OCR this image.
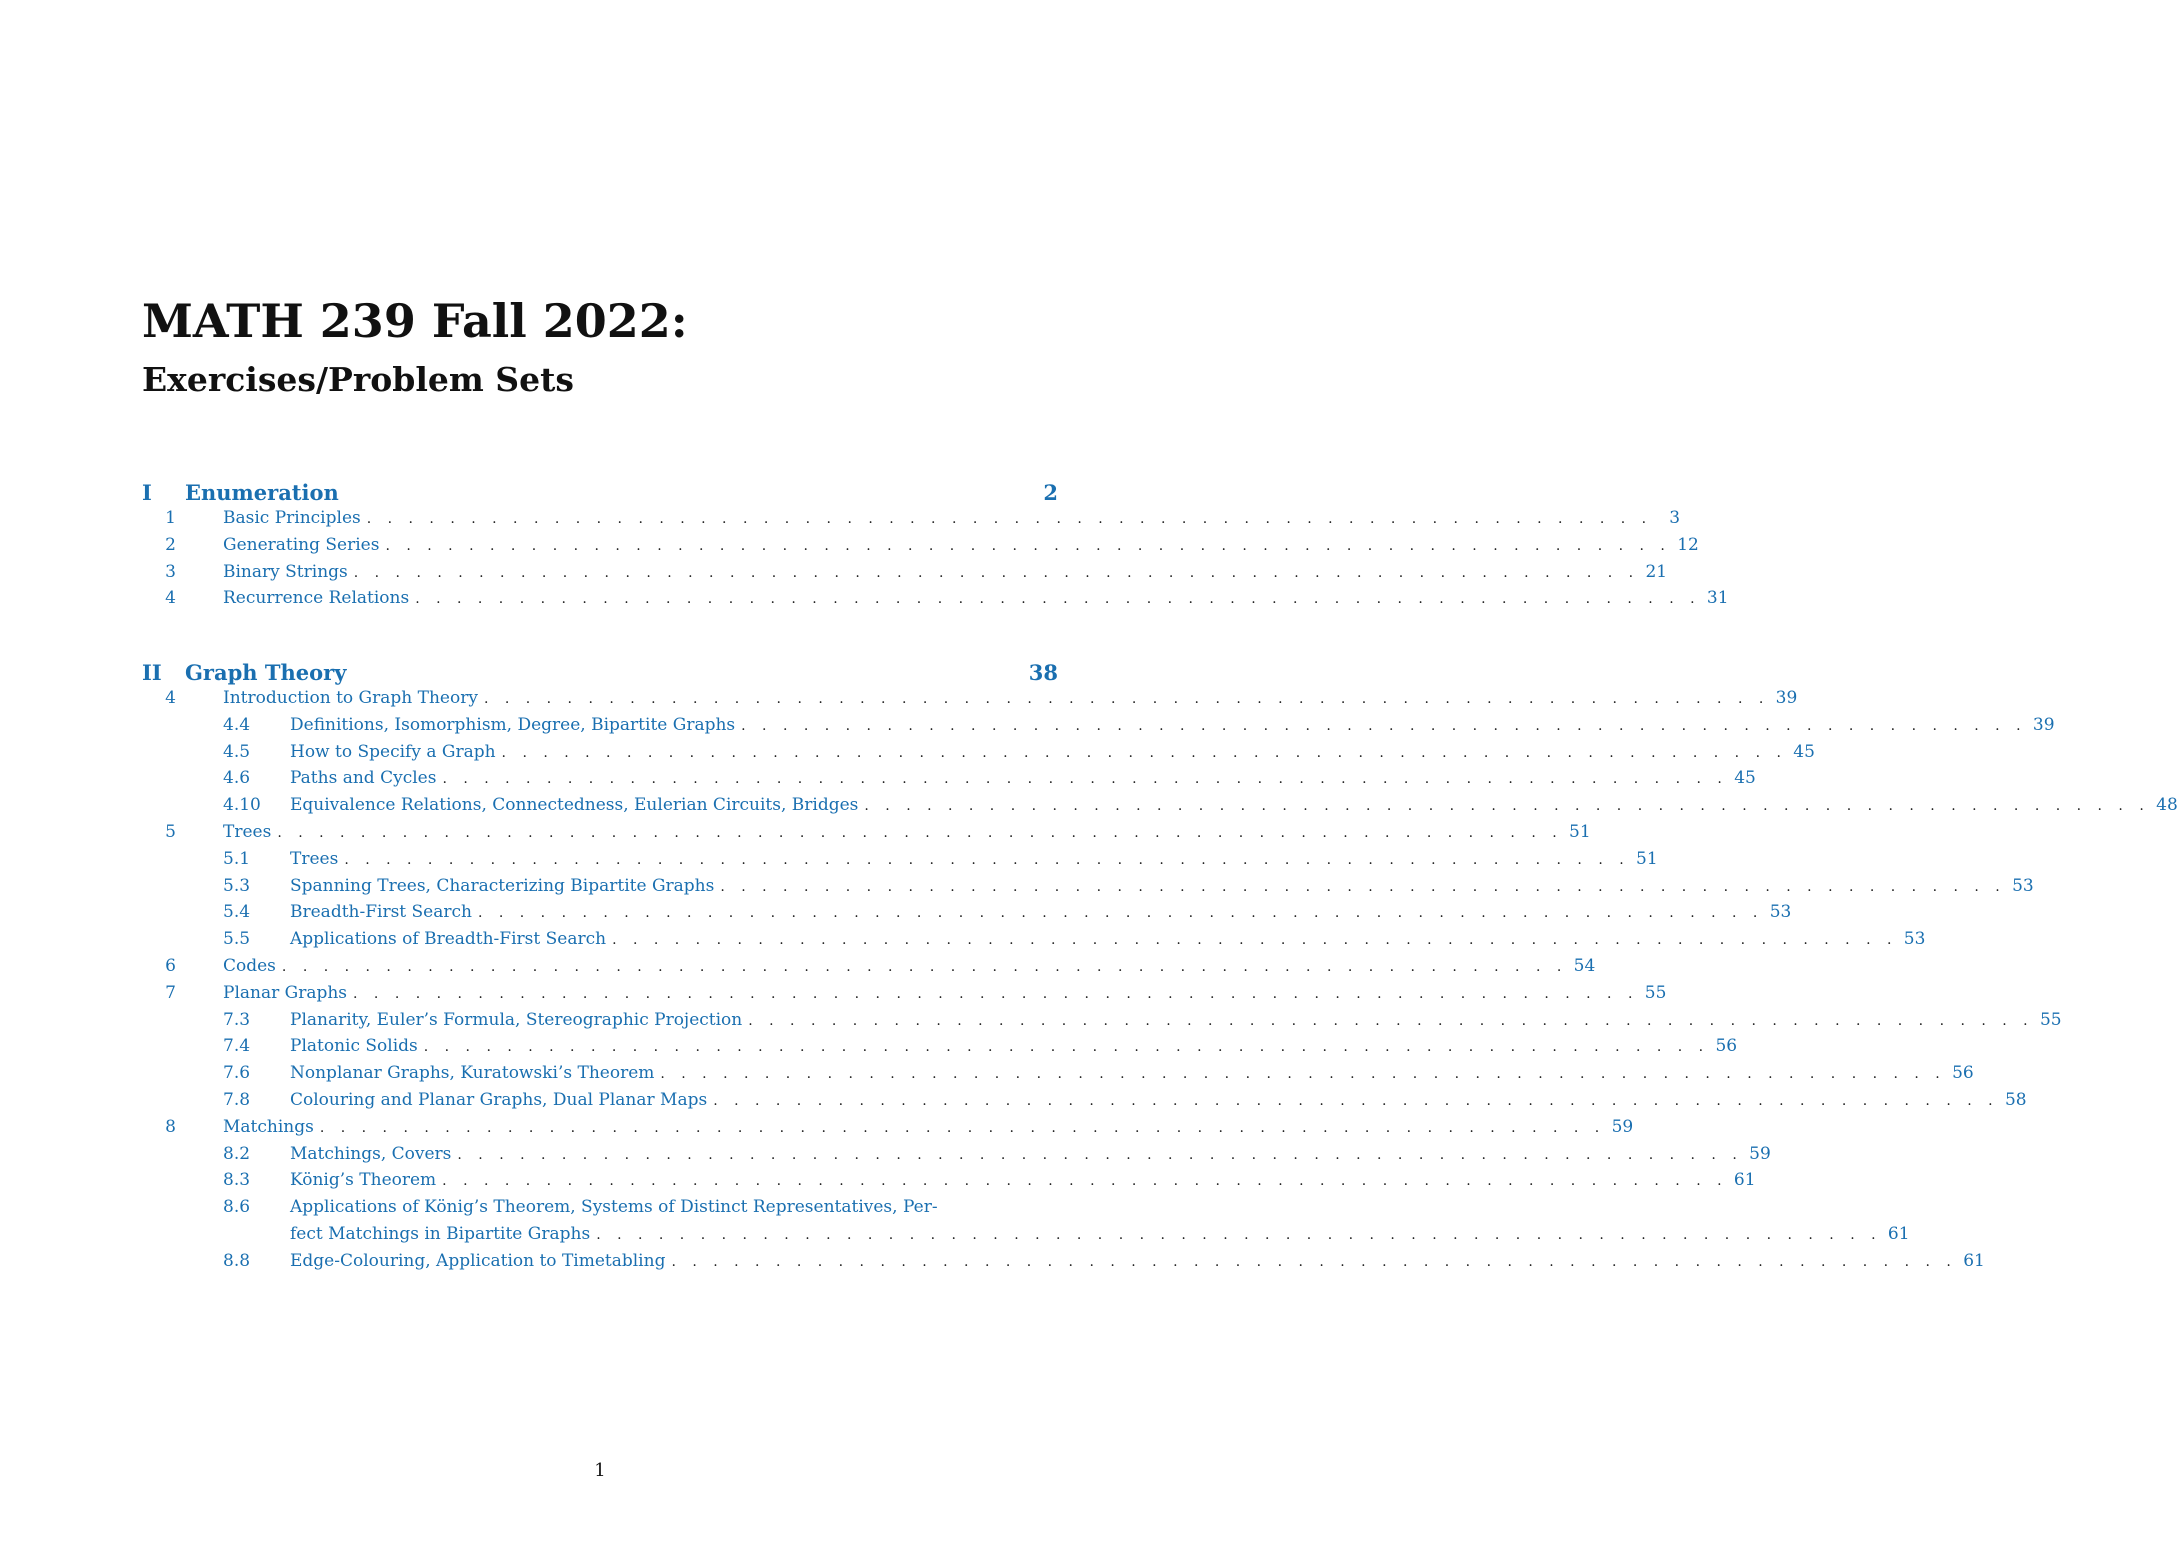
MATH 239 Fall 2022:
Exercises/Problem Sets
I	Enumeration	2
1	Basic Principles . . . . . . . . . . . . . . . . . . . . . . . . . . . . . . . . . . . . . . . . . . . . . . . . . . . . . . . . . . . . . .	3
2	Generating Series . . . . . . . . . . . . . . . . . . . . . . . . . . . . . . . . . . . . . . . . . . . . . . . . . . . . . . . . . . . . . . 12
3	Binary Strings . . . . . . . . . . . . . . . . . . . . . . . . . . . . . . . . . . . . . . . . . . . . . . . . . . . . . . . . . . . . . . 21
4	Recurrence Relations . . . . . . . . . . . . . . . . . . . . . . . . . . . . . . . . . . . . . . . . . . . . . . . . . . . . . . . . . . . . . . 31
II	Graph Theory	38
4	Introduction to Graph Theory . . . . . . . . . . . . . . . . . . . . . . . . . . . . . . . . . . . . . . . . . . . . . . . . . . . . . . . . . . . . . . 39
4.4	Definitions, Isomorphism, Degree, Bipartite Graphs . . . . . . . . . . . . . . . . . . . . . . . . . . . . . . . . . . . . . . . . . . . . . . . . . . . . . . . . . . . . . . 39
4.5	How to Specify a Graph . . . . . . . . . . . . . . . . . . . . . . . . . . . . . . . . . . . . . . . . . . . . . . . . . . . . . . . . . . . . . . 45
4.6	Paths and Cycles . . . . . . . . . . . . . . . . . . . . . . . . . . . . . . . . . . . . . . . . . . . . . . . . . . . . . . . . . . . . . . 45
4.10	Equivalence Relations, Connectedness, Eulerian Circuits, Bridges . . . . . . . . . . . . . . . . . . . . . . . . . . . . . . . . . . . . . . . . . . . . . . . . . . . . . . . . . . . . . . 48
5	Trees . . . . . . . . . . . . . . . . . . . . . . . . . . . . . . . . . . . . . . . . . . . . . . . . . . . . . . . . . . . . . . 51
5.1	Trees . . . . . . . . . . . . . . . . . . . . . . . . . . . . . . . . . . . . . . . . . . . . . . . . . . . . . . . . . . . . . . 51
5.3	Spanning Trees, Characterizing Bipartite Graphs . . . . . . . . . . . . . . . . . . . . . . . . . . . . . . . . . . . . . . . . . . . . . . . . . . . . . . . . . . . . . . 53
5.4	Breadth-First Search . . . . . . . . . . . . . . . . . . . . . . . . . . . . . . . . . . . . . . . . . . . . . . . . . . . . . . . . . . . . . . 53
5.5	Applications of Breadth-First Search . . . . . . . . . . . . . . . . . . . . . . . . . . . . . . . . . . . . . . . . . . . . . . . . . . . . . . . . . . . . . . 53
6	Codes . . . . . . . . . . . . . . . . . . . . . . . . . . . . . . . . . . . . . . . . . . . . . . . . . . . . . . . . . . . . . . 54
7	Planar Graphs . . . . . . . . . . . . . . . . . . . . . . . . . . . . . . . . . . . . . . . . . . . . . . . . . . . . . . . . . . . . . . 55
7.3	Planarity, Euler’s Formula, Stereographic Projection . . . . . . . . . . . . . . . . . . . . . . . . . . . . . . . . . . . . . . . . . . . . . . . . . . . . . . . . . . . . . . 55
7.4	Platonic Solids . . . . . . . . . . . . . . . . . . . . . . . . . . . . . . . . . . . . . . . . . . . . . . . . . . . . . . . . . . . . . . 56
7.6	Nonplanar Graphs, Kuratowski’s Theorem . . . . . . . . . . . . . . . . . . . . . . . . . . . . . . . . . . . . . . . . . . . . . . . . . . . . . . . . . . . . . . 56
7.8	Colouring and Planar Graphs, Dual Planar Maps . . . . . . . . . . . . . . . . . . . . . . . . . . . . . . . . . . . . . . . . . . . . . . . . . . . . . . . . . . . . . . 58
8	Matchings . . . . . . . . . . . . . . . . . . . . . . . . . . . . . . . . . . . . . . . . . . . . . . . . . . . . . . . . . . . . . . 59
8.2	Matchings, Covers . . . . . . . . . . . . . . . . . . . . . . . . . . . . . . . . . . . . . . . . . . . . . . . . . . . . . . . . . . . . . . 59
8.3	König’s Theorem . . . . . . . . . . . . . . . . . . . . . . . . . . . . . . . . . . . . . . . . . . . . . . . . . . . . . . . . . . . . . . 61
8.6	Applications of König’s Theorem, Systems of Distinct Representatives, Per-
fect Matchings in Bipartite Graphs . . . . . . . . . . . . . . . . . . . . . . . . . . . . . . . . . . . . . . . . . . . . . . . . . . . . . . . . . . . . . . 61
8.8	Edge-Colouring, Application to Timetabling . . . . . . . . . . . . . . . . . . . . . . . . . . . . . . . . . . . . . . . . . . . . . . . . . . . . . . . . . . . . . . 61
1
